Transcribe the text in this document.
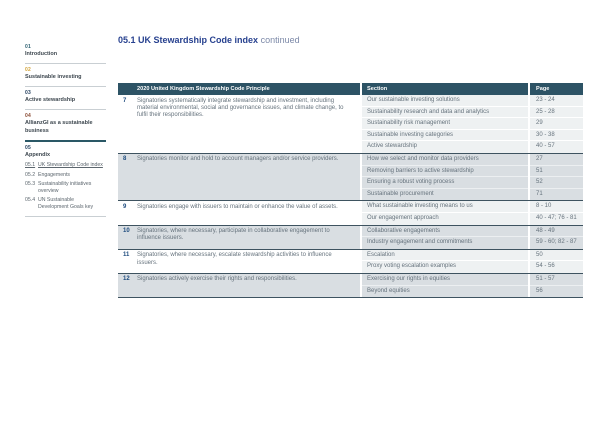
01
Introduction
02
Sustainable investing
03
Active stewardship
04
AllianzGI as a sustainable business
05
Appendix
05.1 UK Stewardship Code index
05.2 Engagements
05.3 Sustainability initiatives overview
05.4 UN Sustainable Development Goals key
05.1 UK Stewardship Code index continued
2020 United Kingdom Stewardship Code Principle	Section	Page
7	Signatories systematically integrate stewardship and investment, including material environmental, social and governance issues, and climate change, to fulfil their responsibilities.
Our sustainable investing solutions	23 - 24
Sustainability research and data and analytics	25 - 28
Sustainability risk management	29
Sustainable investing categories	30 - 38
Active stewardship	40 - 57
8	Signatories monitor and hold to account managers and/or service providers.	How we select and monitor data providers	27
Removing barriers to active stewardship	51
Ensuring a robust voting process	52
Sustainable procurement	71
9	Signatories engage with issuers to maintain or enhance the value of assets.	What sustainable investing means to us	8 - 10
Our engagement approach	40 - 47; 76 - 81
10	Signatories, where necessary, participate in collaborative engagement to influence issuers.
Collaborative engagements	48 - 49
Industry engagement and commitments	59 - 60; 82 - 87
11	Signatories, where necessary, escalate stewardship activities to influence issuers.
Escalation	50
Proxy voting escalation examples	54 - 56
12	Signatories actively exercise their rights and responsibilities.	Exercising our rights in equities	51 - 57
Beyond equities	56
